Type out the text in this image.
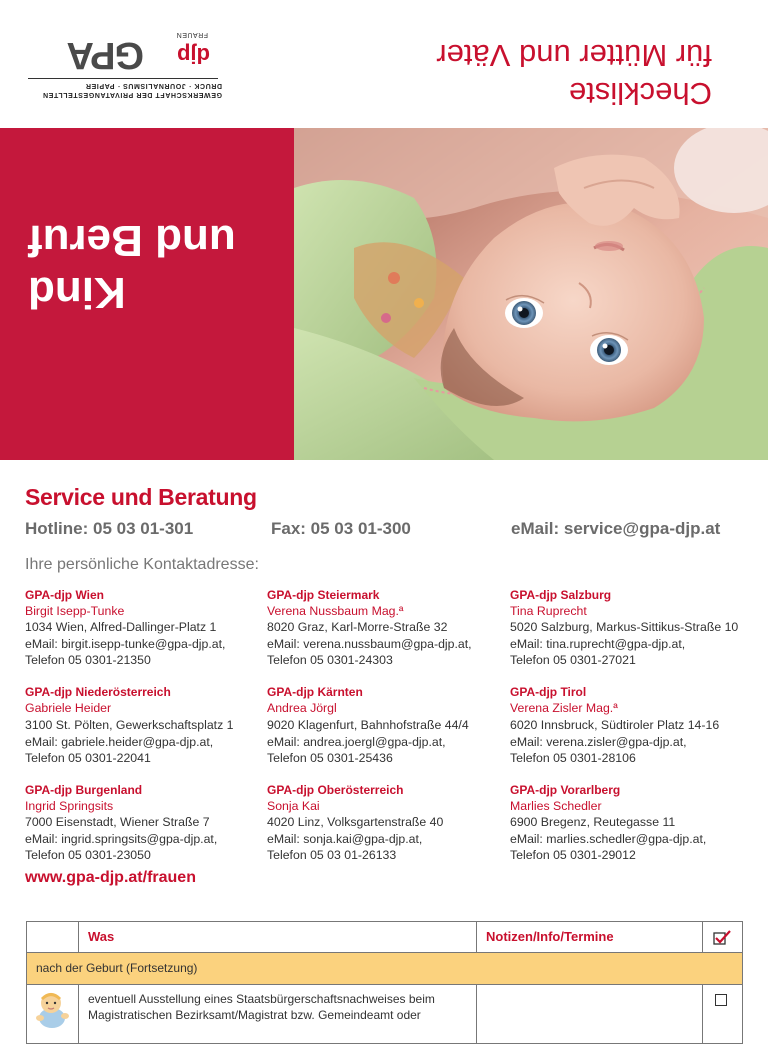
GEWERKSCHAFT DER PRIVATANGESTELLTEN
DRUCK · JOURNALISMUS · PAPIER
GPA djp
FRAUEN
Checkliste
für Mütter und Väter
Kind
und Beruf
Service und Beratung
Hotline: 05 03 01-301	Fax: 05 03 01-300	eMail: service@gpa-djp.at
Ihre persönliche Kontaktadresse:
GPA-djp Wien
Birgit Isepp-Tunke
1034 Wien, Alfred-Dallinger-Platz 1
eMail: birgit.isepp-tunke@gpa-djp.at,
Telefon 05 0301-21350
GPA-djp Steiermark
Verena Nussbaum Mag.ª
8020 Graz, Karl-Morre-Straße 32
eMail: verena.nussbaum@gpa-djp.at,
Telefon 05 0301-24303
GPA-djp Salzburg
Tina Ruprecht
5020 Salzburg, Markus-Sittikus-Straße 10
eMail: tina.ruprecht@gpa-djp.at,
Telefon 05 0301-27021
GPA-djp Niederösterreich
Gabriele Heider
3100 St. Pölten, Gewerkschaftsplatz 1
eMail: gabriele.heider@gpa-djp.at,
Telefon 05 0301-22041
GPA-djp Kärnten
Andrea Jörgl
9020 Klagenfurt, Bahnhofstraße 44/4
eMail: andrea.joergl@gpa-djp.at,
Telefon 05 0301-25436
GPA-djp Tirol
Verena Zisler Mag.ª
6020 Innsbruck, Südtiroler Platz 14-16
eMail: verena.zisler@gpa-djp.at,
Telefon 05 0301-28106
GPA-djp Burgenland
Ingrid Springsits
7000 Eisenstadt, Wiener Straße 7
eMail: ingrid.springsits@gpa-djp.at,
Telefon 05 0301-23050
GPA-djp Oberösterreich
Sonja Kai
4020 Linz, Volksgartenstraße 40
eMail: sonja.kai@gpa-djp.at,
Telefon 05 03 01-26133
GPA-djp Vorarlberg
Marlies Schedler
6900 Bregenz, Reutegasse 11
eMail: marlies.schedler@gpa-djp.at,
Telefon 05 0301-29012
www.gpa-djp.at/frauen
Was	Notizen/Info/Termine
nach der Geburt (Fortsetzung)
eventuell Ausstellung eines Staatsbürgerschaftsnachweises beim
Magistratischen Bezirksamt/Magistrat bzw. Gemeindeamt oder
